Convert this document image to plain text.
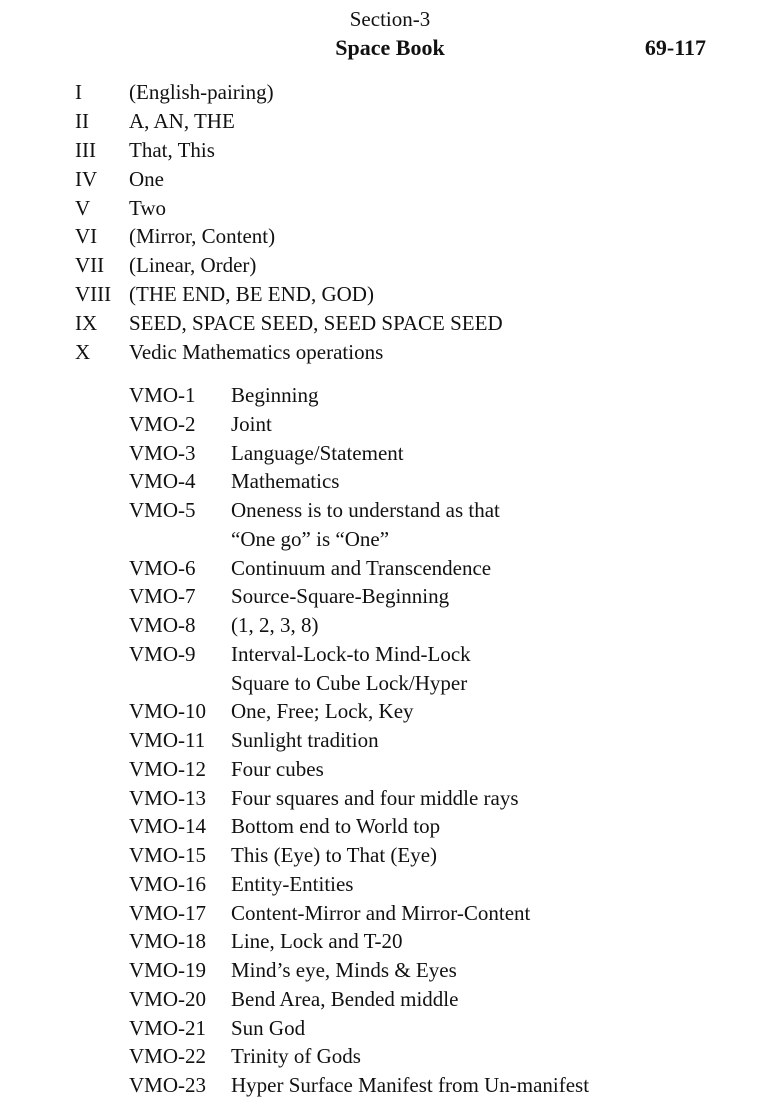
Section-3
Space Book	69-117
I	(English-pairing)
II	A, AN, THE
III	That, This
IV	One
V	Two
VI	(Mirror, Content)
VII	(Linear, Order)
VIII (THE END, BE END, GOD)
IX	SEED, SPACE SEED, SEED SPACE SEED
X	Vedic Mathematics operations
VMO-1	Beginning
VMO-2	Joint
VMO-3	Language/Statement
VMO-4	Mathematics
VMO-5	Oneness is to understand as that
“One go” is “One”
VMO-6	Continuum and Transcendence
VMO-7	Source-Square-Beginning
VMO-8	(1, 2, 3, 8)
VMO-9	Interval-Lock-to Mind-Lock
Square to Cube Lock/Hyper
VMO-10	One, Free; Lock, Key
VMO-11	Sunlight tradition
VMO-12	Four cubes
VMO-13	Four squares and four middle rays
VMO-14	Bottom end to World top
VMO-15	This (Eye) to That (Eye)
VMO-16	Entity-Entities
VMO-17	Content-Mirror and Mirror-Content
VMO-18	Line, Lock and T-20
VMO-19	Mind’s eye, Minds & Eyes
VMO-20	Bend Area, Bended middle
VMO-21	Sun God
VMO-22	Trinity of Gods
VMO-23	Hyper Surface Manifest from Un-manifest
